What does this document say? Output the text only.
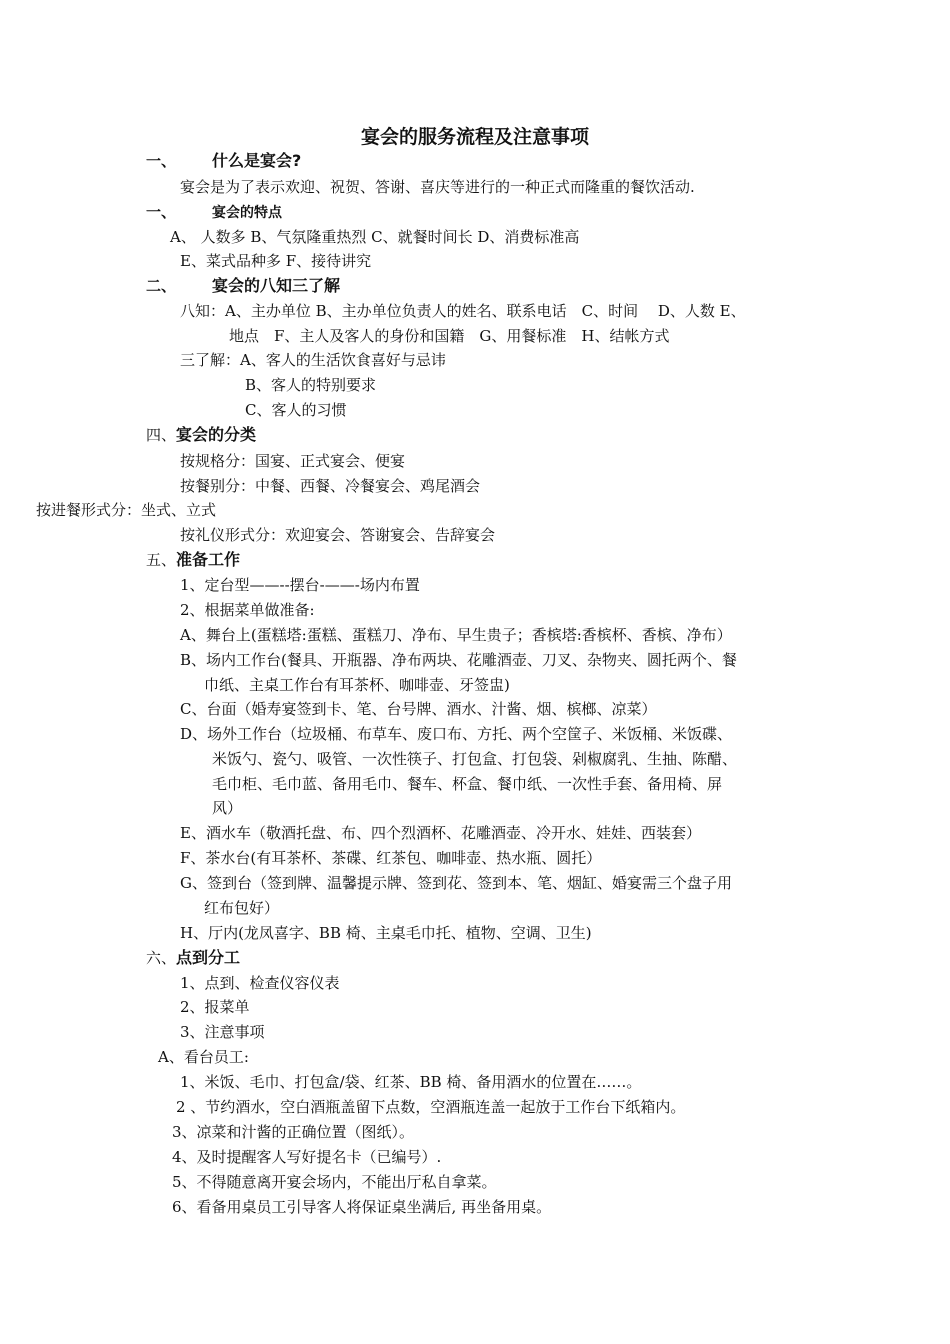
宴会的服务流程及注意事项
一、 什么是宴会?
宴会是为了表示欢迎、祝贺、答谢、喜庆等进行的一种正式而隆重的餐饮活动.
一、	宴会的特点
A、 人数多 B、气氛隆重热烈 C、就餐时间长 D、消费标准高
E、菜式品种多 F、接待讲究
二、 宴会的八知三了解
八知：A、主办单位 B、主办单位负责人的姓名、联系电话　C、时间　 D、人数 E、
地点　F、主人及客人的身份和国籍　G、用餐标准　H、结帐方式
三了解：A、客人的生活饮食喜好与忌讳
B、客人的特别要求
C、客人的习惯
四、宴会的分类
按规格分：国宴、正式宴会、便宴
按餐别分：中餐、西餐、冷餐宴会、鸡尾酒会
按进餐形式分：坐式、立式
按礼仪形式分：欢迎宴会、答谢宴会、告辞宴会
五、准备工作
1、定台型——--摆台-——-场内布置
2、根据菜单做准备:
A、舞台上(蛋糕塔:蛋糕、蛋糕刀、净布、早生贵子；香槟塔:香槟杯、香槟、净布）
B、场内工作台(餐具、开瓶器、净布两块、花雕酒壶、刀叉、杂物夹、圆托两个、餐
巾纸、主桌工作台有耳茶杯、咖啡壶、牙签盅)
C、台面（婚寿宴签到卡、笔、台号牌、酒水、汁酱、烟、槟榔、凉菜）
D、场外工作台（垃圾桶、布草车、废口布、方托、两个空筐子、米饭桶、米饭碟、
米饭勺、瓷勺、吸管、一次性筷子、打包盒、打包袋、剁椒腐乳、生抽、陈醋、
毛巾柜、毛巾蓝、备用毛巾、餐车、杯盒、餐巾纸、一次性手套、备用椅、屏
风）
E、酒水车（敬酒托盘、布、四个烈酒杯、花雕酒壶、冷开水、娃娃、西装套）
F、茶水台(有耳茶杯、茶碟、红茶包、咖啡壶、热水瓶、圆托）
G、签到台（签到牌、温馨提示牌、签到花、签到本、笔、烟缸、婚宴需三个盘子用
红布包好）
H、厅内(龙凤喜字、BB 椅、主桌毛巾托、植物、空调、卫生)
六、点到分工
1、点到、检查仪容仪表
2、报菜单
3、注意事项
A、看台员工:
1、米饭、毛巾、打包盒/袋、红茶、BB 椅、备用酒水的位置在……。
2 、节约酒水，空白酒瓶盖留下点数，空酒瓶连盖一起放于工作台下纸箱内。
3、凉菜和汁酱的正确位置（图纸）。
4、及时提醒客人写好提名卡（已编号）.
5、不得随意离开宴会场内，不能出厅私自拿菜。
6、看备用桌员工引导客人将保证桌坐满后, 再坐备用桌。
